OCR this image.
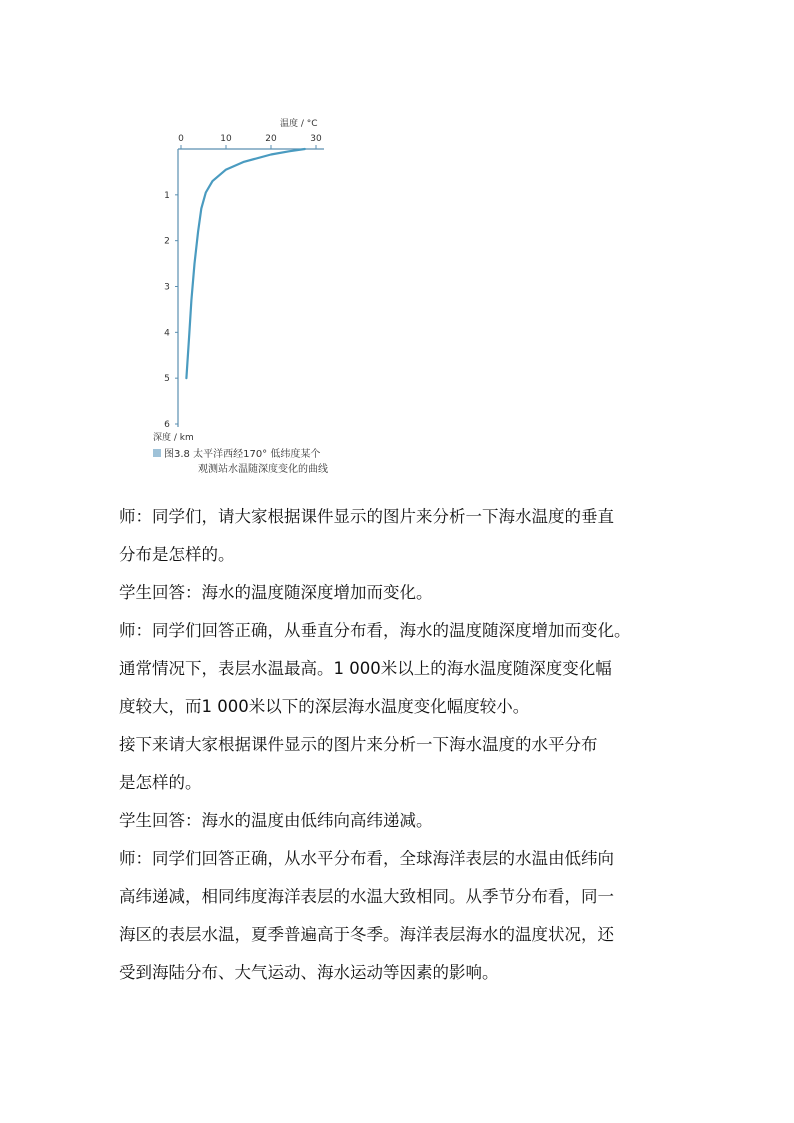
0	10	20	30
1
2
3
4
5
6
温度 / °C
深度 / km
图3.8 太平洋西经170° 低纬度某个
观测站水温随深度变化的曲线

师：同学们，请大家根据课件显示的图片来分析一下海水温度的垂直

分布是怎样的。

学生回答：海水的温度随深度增加而变化。

师：同学们回答正确，从垂直分布看，海水的温度随深度增加而变化。

通常情况下，表层水温最高。1 000米以上的海水温度随深度变化幅

度较大，而1 000米以下的深层海水温度变化幅度较小。

接下来请大家根据课件显示的图片来分析一下海水温度的水平分布

是怎样的。

学生回答：海水的温度由低纬向高纬递减。

师：同学们回答正确，从水平分布看，全球海洋表层的水温由低纬向

高纬递减，相同纬度海洋表层的水温大致相同。从季节分布看，同一

海区的表层水温，夏季普遍高于冬季。海洋表层海水的温度状况，还

受到海陆分布、大气运动、海水运动等因素的影响。
